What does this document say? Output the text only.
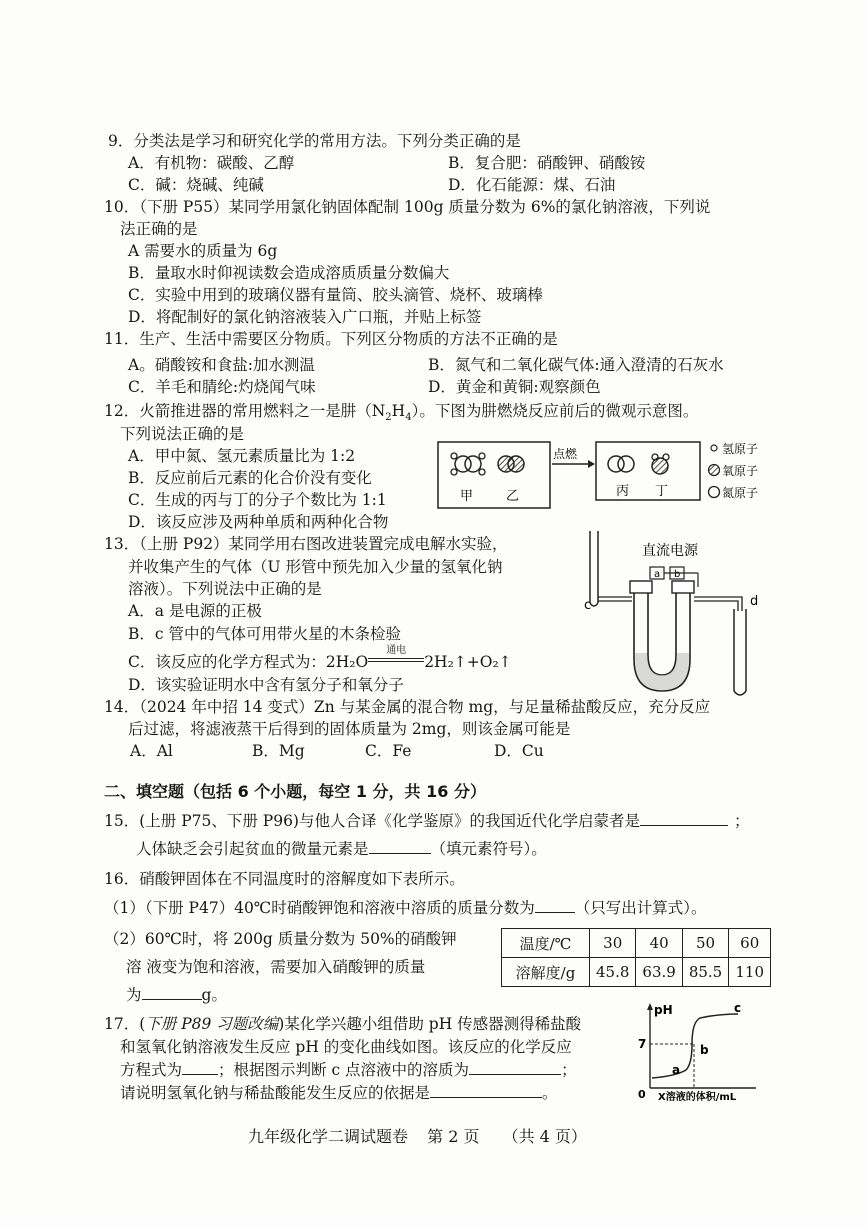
9．分类法是学习和研究化学的常用方法。下列分类正确的是
A．有机物：碳酸、乙醇	B．复合肥：硝酸钾、硝酸铵
C．碱：烧碱、纯碱	D．化石能源：煤、石油
10．（下册 P55）某同学用氯化钠固体配制 100g 质量分数为 6%的氯化钠溶液，下列说
法正确的是
A 需要水的质量为 6g
B．量取水时仰视读数会造成溶质质量分数偏大
C．实验中用到的玻璃仪器有量筒、胶头滴管、烧杯、玻璃棒
D．将配制好的氯化钠溶液装入广口瓶，并贴上标签
11．生产、生活中需要区分物质。下列区分物质的方法不正确的是
A。硝酸铵和食盐:加水测温	B．氮气和二氧化碳气体:通入澄清的石灰水
C．羊毛和腈纶:灼烧闻气味	D．黄金和黄铜:观察颜色
12．火箭推进器的常用燃料之一是肼$(N_2H_4)$。下图为肼燃烧反应前后的微观示意图。
下列说法正确的是
A．甲中氮、氢元素质量比为 1:2
B．反应前后元素的化合价没有变化
C．生成的丙与丁的分子个数比为 1:1
D．该反应涉及两种单质和两种化合物
甲	乙
点燃
丙 丁
氢原子
氧原子
氮原子
13．（上册 P92）某同学用右图改进装置完成电解水实验，
并收集产生的气体（U 形管中预先加入少量的氢氧化钠
溶液）。下列说法中正确的是
A．a 是电源的正极
B．c 管中的气体可用带火星的木条检验
C．该反应的化学方程式为：2H₂O
通电
2H₂↑+O₂↑
D．该实验证明水中含有氢分子和氧分子
c
直流电源
a b
d
14．（2024 年中招 14 变式）Zn 与某金属的混合物 mg，与足量稀盐酸反应，充分反应
后过滤，将滤液蒸干后得到的固体质量为 2mg，则该金属可能是
A．Al	B．Mg	C．Fe	D．Cu
二、填空题（包括 6 个小题，每空 1 分，共 16 分）
15．(上册 P75、下册 P96)与他人合译《化学鉴原》的我国近代化学启蒙者是	；
人体缺乏会引起贫血的微量元素是	（填元素符号）。
16．硝酸钾固体在不同温度时的溶解度如下表所示。
（1）（下册 P47）40℃时硝酸钾饱和溶液中溶质的质量分数为	（只写出计算式）。
（2）60℃时，将 200g 质量分数为 50%的硝酸钾
溶 液变为饱和溶液，需要加入硝酸钾的质量
为	g。
温度/℃	30	40	50	60
溶解度/g	45.8	63.9	85.5	110
17．(下册 P89 习题改编)某化学兴趣小组借助 pH 传感器测得稀盐酸
和氢氧化钠溶液发生反应 pH 的变化曲线如图。该反应的化学反应
方程式为 ；根据图示判断 c 点溶液中的溶质为	；
请说明氢氧化钠与稀盐酸能发生反应的依据是	。
pH
7
a
b
c
0 X溶液的体积/mL
九年级化学二调试题卷 第 2 页 （共 4 页）
